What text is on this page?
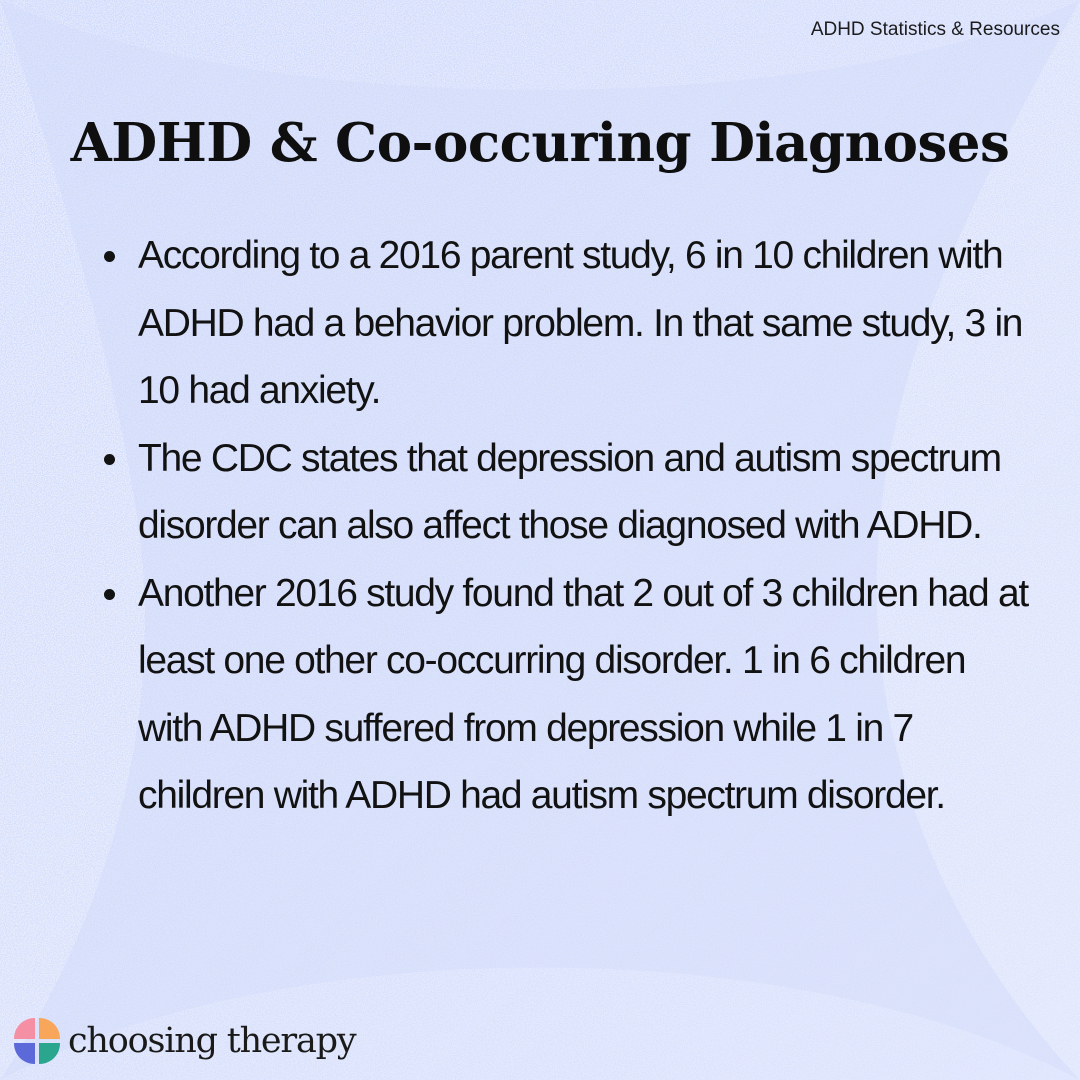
ADHD Statistics & Resources
ADHD & Co-occuring Diagnoses
According to a 2016 parent study, 6 in 10 children with ADHD had a behavior problem. In that same study, 3 in 10 had anxiety.
The CDC states that depression and autism spectrum disorder can also affect those diagnosed with ADHD.
Another 2016 study found that 2 out of 3 children had at least one other co-occurring disorder. 1 in 6 children with ADHD suffered from depression while 1 in 7 children with ADHD had autism spectrum disorder.
choosing therapy
